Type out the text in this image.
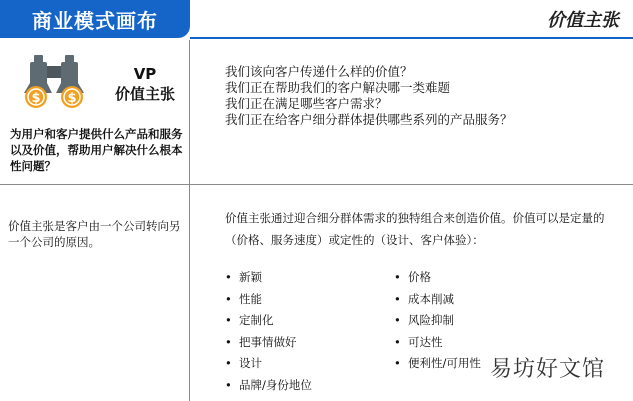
商业模式画布	价值主张
$ $
VP
价值主张
为用户和客户提供什么产品和服务以及价值，帮助用户解决什么根本性问题？
我们该向客户传递什么样的价值？
我们正在帮助我们的客户解决哪一类难题
我们正在满足哪些客户需求？
我们正在给客户细分群体提供哪些系列的产品服务？
价值主张是客户由一个公司转向另一个公司的原因。
价值主张通过迎合细分群体需求的独特组合来创造价值。价值可以是定量的（价格、服务速度）或定性的（设计、客户体验）：
• 新颖
• 性能
• 定制化
• 把事情做好
• 设计
• 品牌/身份地位
• 价格
• 成本削减
• 风险抑制
• 可达性
• 便利性/可用性 易坊好文馆
